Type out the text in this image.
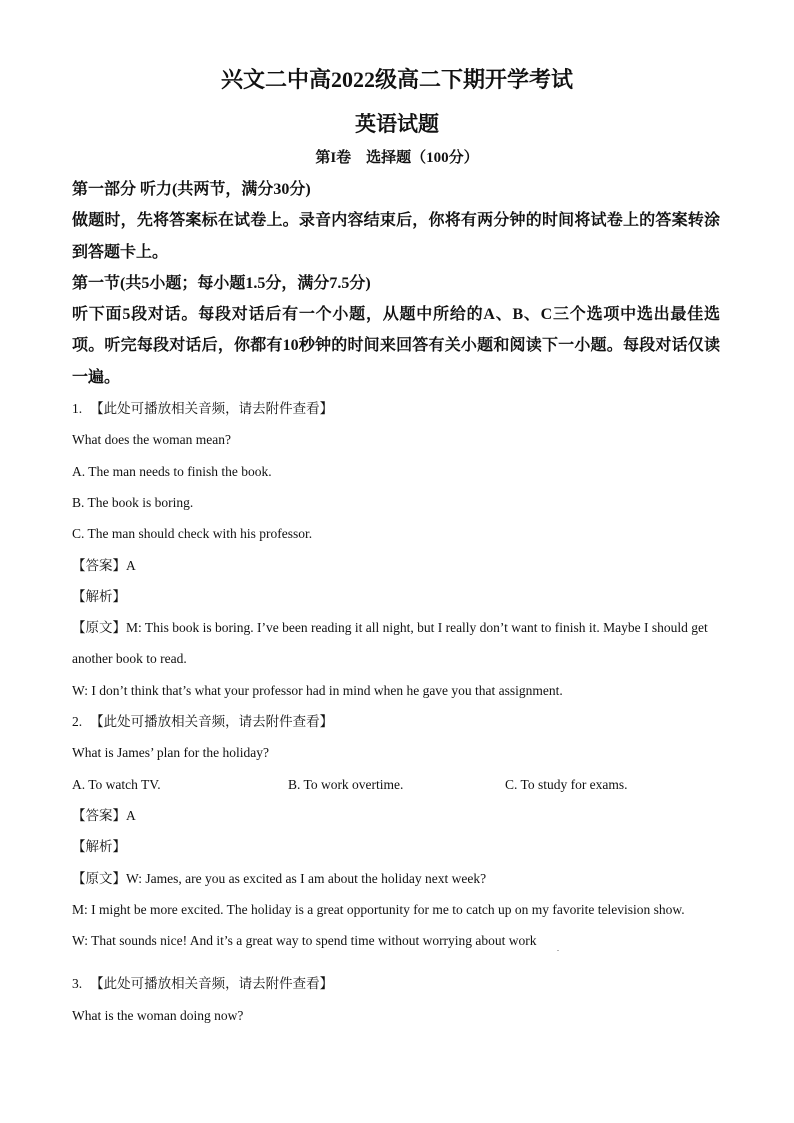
兴文二中高2022级高二下期开学考试
英语试题
第I卷　选择题（100分）
第一部分 听力(共两节，满分30分)
做题时，先将答案标在试卷上。录音内容结束后，你将有两分钟的时间将试卷上的答案转涂到答题卡上。
第一节(共5小题；每小题1.5分，满分7.5分)
听下面5段对话。每段对话后有一个小题，从题中所给的A、B、C三个选项中选出最佳选项。听完每段对话后，你都有10秒钟的时间来回答有关小题和阅读下一小题。每段对话仅读一遍。
1. 【此处可播放相关音频，请去附件查看】
What does the woman mean?
A. The man needs to finish the book.
B. The book is boring.
C. The man should check with his professor.
【答案】A
【解析】
【原文】M: This book is boring. I’ve been reading it all night, but I really don’t want to finish it. Maybe I should get another book to read.
W: I don’t think that’s what your professor had in mind when he gave you that assignment.
2. 【此处可播放相关音频，请去附件查看】
What is James’ plan for the holiday?
A. To watch TV.	B. To work overtime.	C. To study for exams.
【答案】A
【解析】
【原文】W: James, are you as excited as I am about the holiday next week?
M: I might be more excited. The holiday is a great opportunity for me to catch up on my favorite television show.
W: That sounds nice! And it’s a great way to spend time without worrying about work
.
3. 【此处可播放相关音频，请去附件查看】
What is the woman doing now?
